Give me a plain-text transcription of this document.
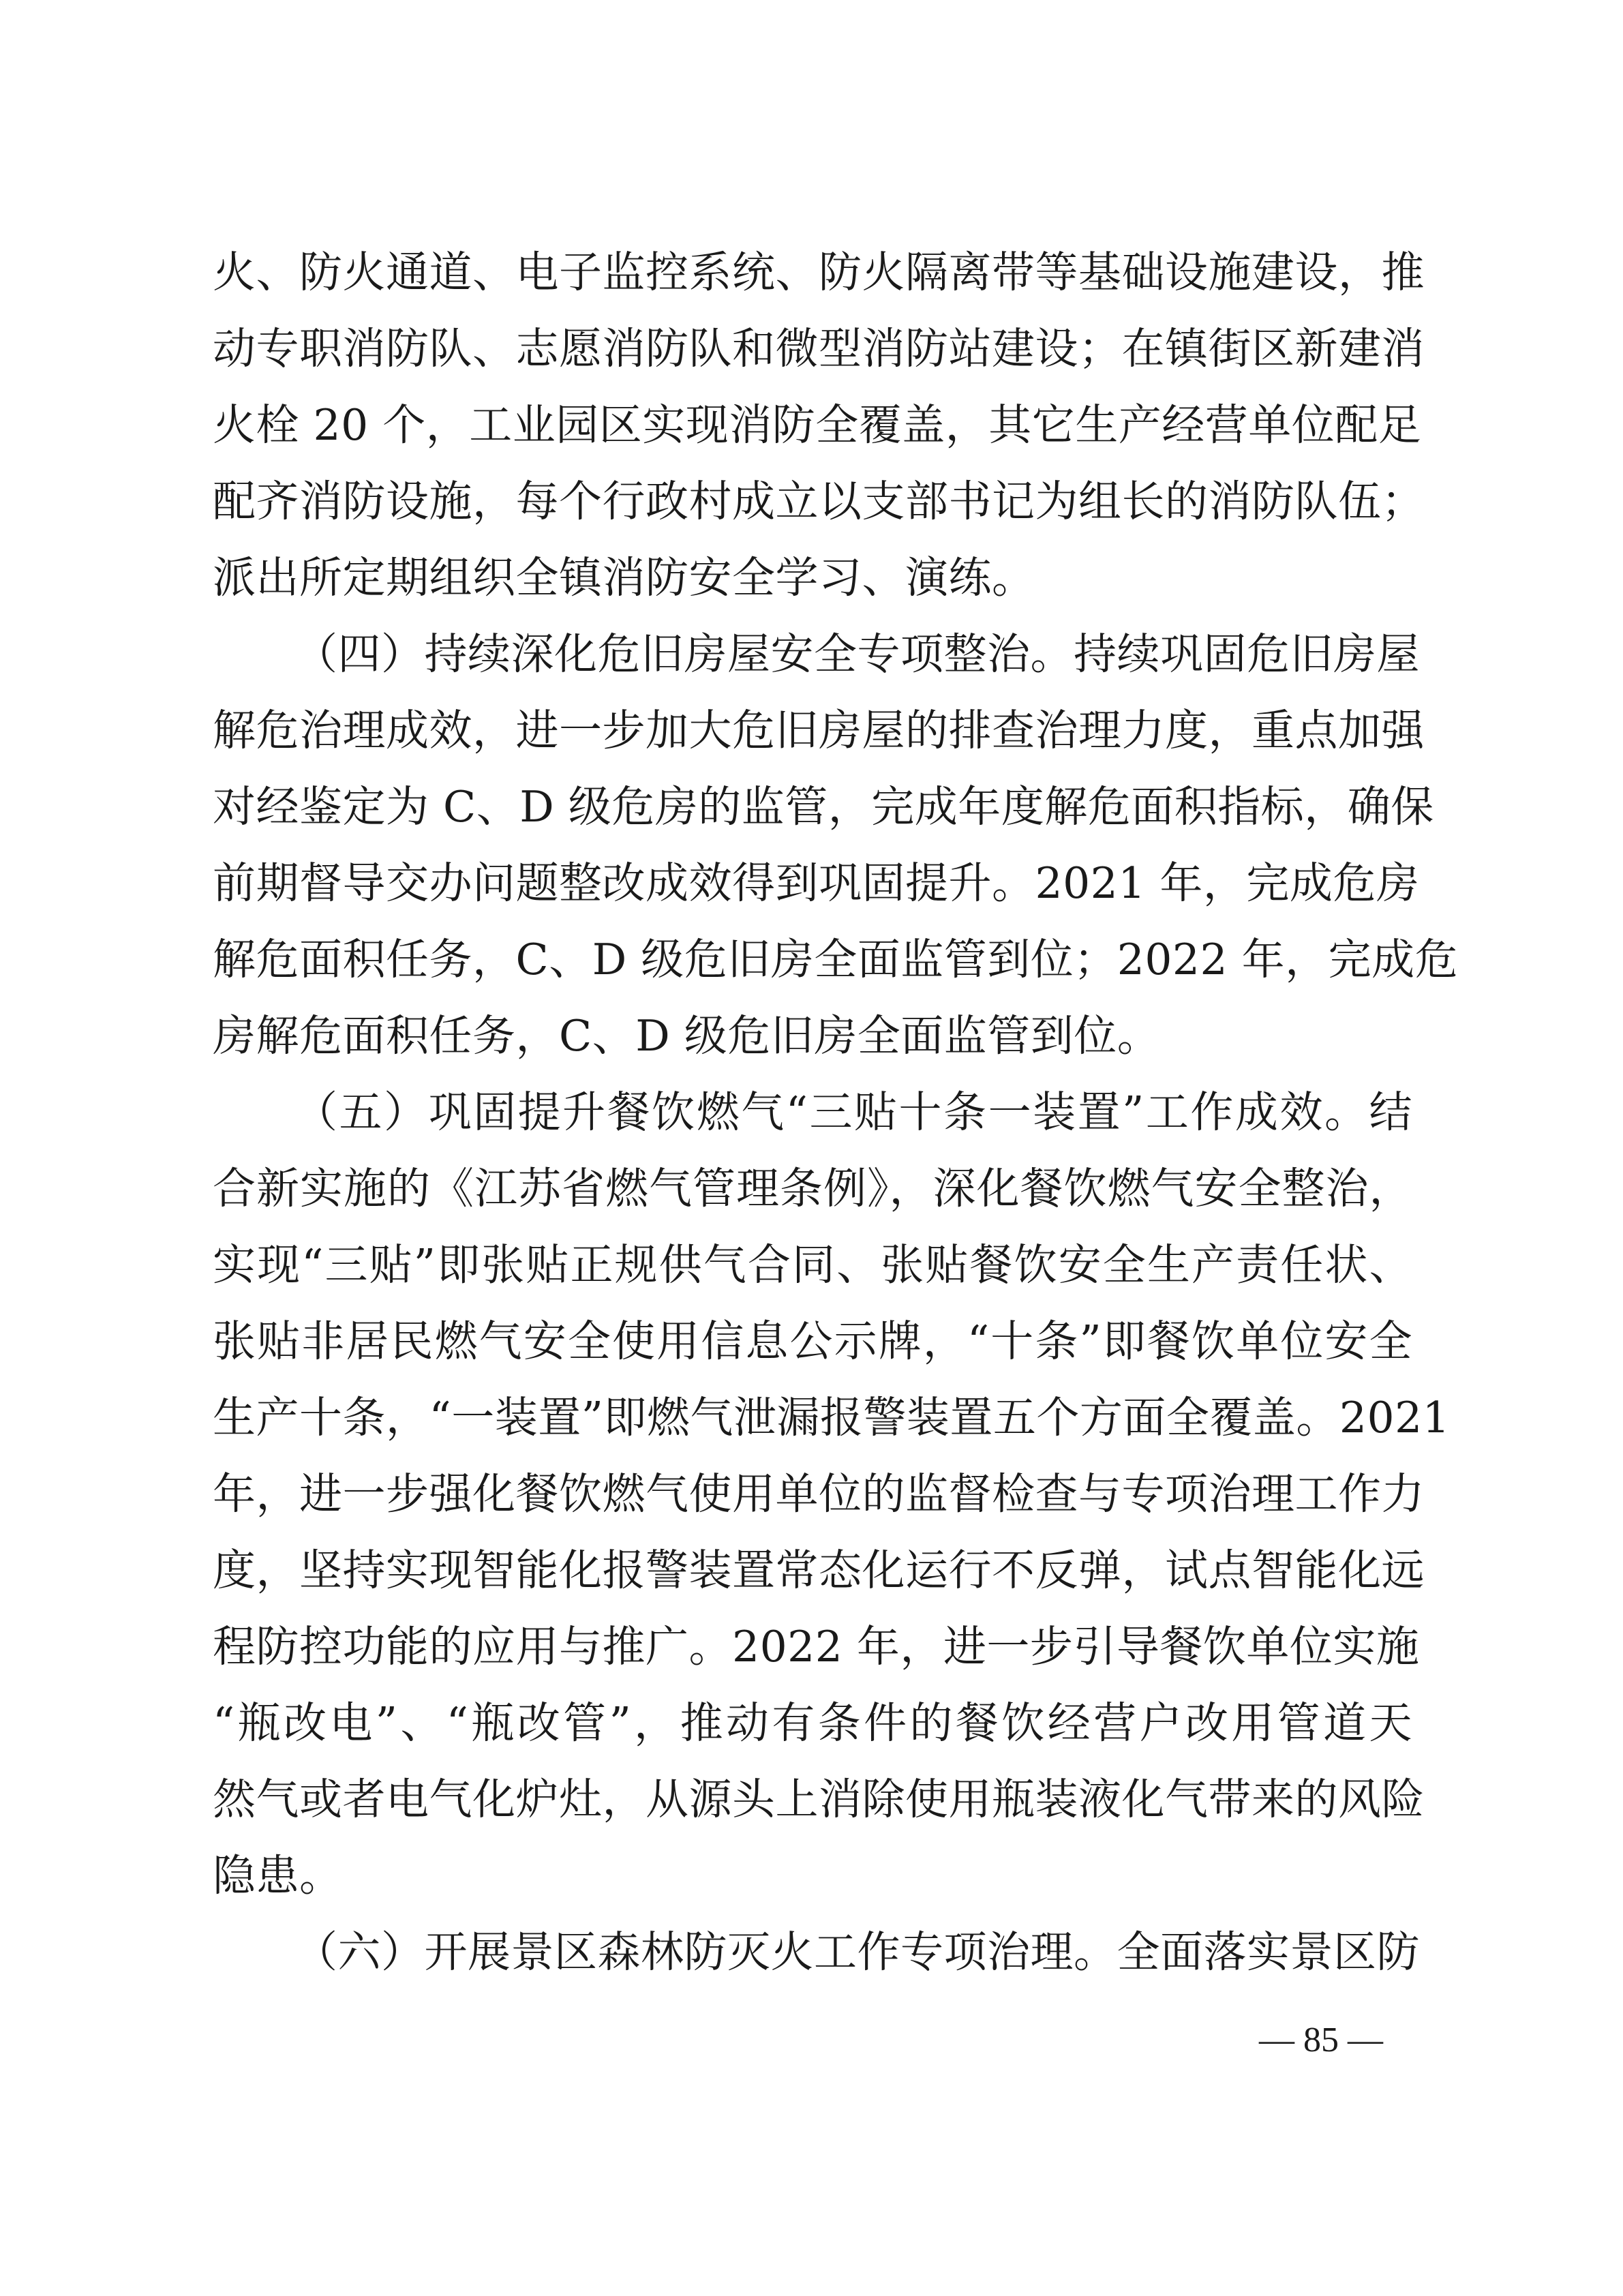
火、防火通道、电子监控系统、防火隔离带等基础设施建设，推
动专职消防队、志愿消防队和微型消防站建设；在镇街区新建消
火栓 20 个，工业园区实现消防全覆盖，其它生产经营单位配足
配齐消防设施，每个行政村成立以支部书记为组长的消防队伍；
派出所定期组织全镇消防安全学习、演练。
（四）持续深化危旧房屋安全专项整治。持续巩固危旧房屋
解危治理成效，进一步加大危旧房屋的排查治理力度，重点加强
对经鉴定为 C、D 级危房的监管，完成年度解危面积指标，确保
前期督导交办问题整改成效得到巩固提升。2021 年，完成危房
解危面积任务，C、D 级危旧房全面监管到位；2022 年，完成危
房解危面积任务，C、D 级危旧房全面监管到位。
（五）巩固提升餐饮燃气“三贴十条一装置”工作成效。结
合新实施的《江苏省燃气管理条例》，深化餐饮燃气安全整治，
实现“三贴”即张贴正规供气合同、张贴餐饮安全生产责任状、
张贴非居民燃气安全使用信息公示牌，“十条”即餐饮单位安全
生产十条，“一装置”即燃气泄漏报警装置五个方面全覆盖。2021
年，进一步强化餐饮燃气使用单位的监督检查与专项治理工作力
度，坚持实现智能化报警装置常态化运行不反弹，试点智能化远
程防控功能的应用与推广。2022 年，进一步引导餐饮单位实施
“瓶改电”、“瓶改管”，推动有条件的餐饮经营户改用管道天
然气或者电气化炉灶，从源头上消除使用瓶装液化气带来的风险
隐患。
（六）开展景区森林防灭火工作专项治理。全面落实景区防
— 85 —
